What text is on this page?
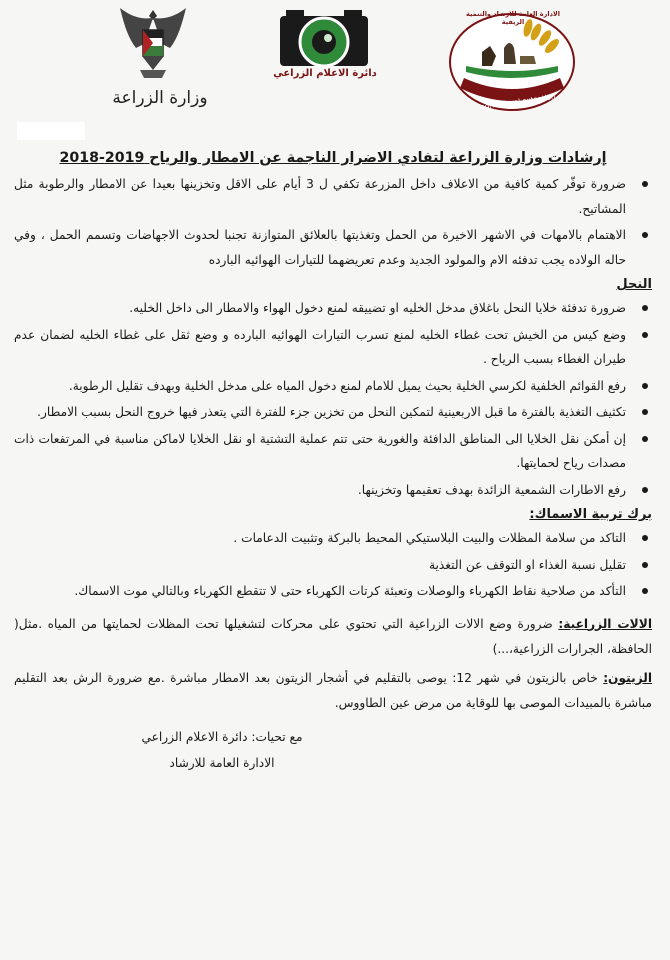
وزارة الزراعة
دائرة الاعلام الزراعي
الادارة العامة للارشاد والتنمية الريفية
agricultural extention
إرشادات وزارة الزراعة لتفادي الاضرار الناجمة عن الامطار والرياح 2019-2018
ضرورة توفّر كمية كافية من الاعلاف داخل المزرعة تكفي ل 3 أيام على الاقل وتخزينها بعيدا عن الامطار والرطوبة مثل المشاتيح.
الاهتمام بالامهات في الاشهر الاخيرة من الحمل وتغذيتها بالعلائق المتوازنة تجنبا لحدوث الاجهاضات وتسمم الحمل ، وفي حاله الولاده يجب تدفئه الام والمولود الجديد وعدم تعريضهما للتيارات الهوائيه البارده
النحل
ضرورة تدفئة خلايا النحل باغلاق مدخل الخليه او تضييقه لمنع دخول الهواء والامطار الى داخل الخليه.
وضع كيس من الخيش تحت غطاء الخليه لمنع تسرب التيارات الهوائيه البارده و وضع ثقل على غطاء الخليه لضمان عدم طيران الغطاء بسبب الرياح .
رفع القوائم الخلفية لكرسي الخلية بحيث يميل للامام لمنع دخول المياه على مدخل الخلية وبهدف تقليل الرطوبة.
تكثيف التغذية بالفترة ما قبل الاربعينية لتمكين النحل من تخزين جزء للفترة التي يتعذر فيها خروج النحل بسبب الامطار.
إن أمكن نقل الخلايا الى المناطق الدافئة والغورية حتى تتم عملية التشتية او نقل الخلايا لاماكن مناسبة في المرتفعات ذات مصدات رياح لحمايتها.
رفع الاطارات الشمعية الزائدة بهدف تعقيمها وتخزينها.
برك تربية الاسماك:
التاكد من سلامة المظلات والبيت البلاستيكي المحيط بالبركة وتثبيت الدعامات .
تقليل نسبة الغذاء او التوقف عن التغذية
التأكد من صلاحية نقاط الكهرباء والوصلات وتعبئة كرتات الكهرباء حتى لا تتقطع الكهرباء وبالتالي موت الاسماك.
الالات الزراعية: ضرورة وضع الالات الزراعية التي تحتوي على محركات لتشغيلها تحت المظلات لحمايتها من المياه .مثل( الحافظة، الجرارات الزراعية،...)
الزيتون: خاص بالزيتون في شهر 12: يوصى بالتقليم في أشجار الزيتون بعد الامطار مباشرة .مع ضرورة الرش بعد التقليم مباشرة بالمبيدات الموصى بها للوقاية من مرض عين الطاووس.
مع تحيات: دائرة الاعلام الزراعي
الادارة العامة للارشاد
